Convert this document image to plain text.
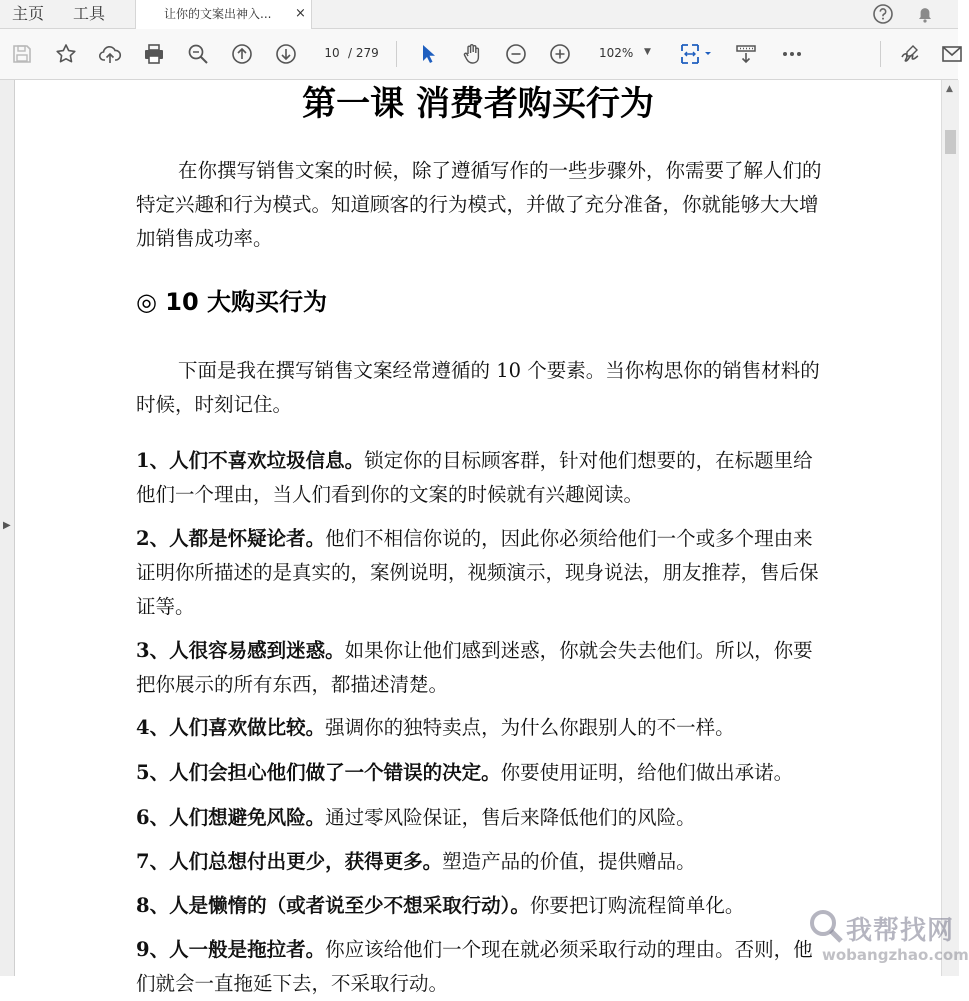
主页 工具	让你的文案出神入... ×
10 / 279	102% ▼
▶
第一课 消费者购买行为

在你撰写销售文案的时候，除了遵循写作的一些步骤外，你需要了解人们的特定兴趣和行为模式。知道顾客的行为模式，并做了充分准备，你就能够大大增加销售成功率。

◎ 10 大购买行为

下面是我在撰写销售文案经常遵循的 10 个要素。当你构思你的销售材料的时候，时刻记住。

1、人们不喜欢垃圾信息。锁定你的目标顾客群，针对他们想要的，在标题里给他们一个理由，当人们看到你的文案的时候就有兴趣阅读。
2、人都是怀疑论者。他们不相信你说的，因此你必须给他们一个或多个理由来证明你所描述的是真实的，案例说明，视频演示，现身说法，朋友推荐，售后保证等。
3、人很容易感到迷惑。如果你让他们感到迷惑，你就会失去他们。所以，你要把你展示的所有东西，都描述清楚。
4、人们喜欢做比较。强调你的独特卖点，为什么你跟别人的不一样。
5、人们会担心他们做了一个错误的决定。你要使用证明，给他们做出承诺。
6、人们想避免风险。通过零风险保证，售后来降低他们的风险。
7、人们总想付出更少，获得更多。塑造产品的价值，提供赠品。
8、人是懒惰的（或者说至少不想采取行动）。你要把订购流程简单化。
9、人一般是拖拉者。你应该给他们一个现在就必须采取行动的理由。否则，他们就会一直拖延下去，不采取行动。
▲
我帮找网
wobangzhao.com
